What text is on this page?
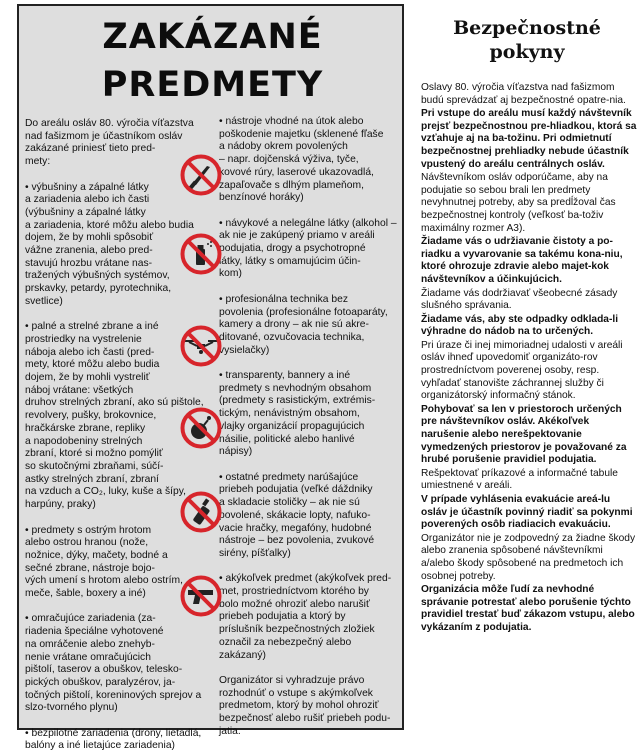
ZAKÁZANÉ
PREDMETY

Do areálu osláv 80. výročia víťazstva
nad fašizmom je účastníkom osláv
zakázané priniesť tieto pred-
mety:

• výbušniny a zápalné látky
a zariadenia alebo ich časti
(výbušniny a zápalné látky
a zariadenia, ktoré môžu alebo budia
dojem, že by mohli spôsobiť
vážne zranenia, alebo pred-
stavujú hrozbu vrátane nas-
tražených výbušných systémov,
prskavky, petardy, pyrotechnika,
svetlice)

• palné a strelné zbrane a iné
prostriedky na vystrelenie
náboja alebo ich časti (pred-
mety, ktoré môžu alebo budia
dojem, že by mohli vystreliť
náboj vrátane: všetkých
druhov strelných zbraní, ako sú pištole,
revolvery, pušky, brokovnice,
hračkárske zbrane, repliky
a napodobeniny strelných
zbraní, ktoré si možno pomýliť
so skutočnými zbraňami, súčí-
astky strelných zbraní, zbraní
na vzduch a CO₂, luky, kuše a šípy,
harpúny, praky)

• predmety s ostrým hrotom
alebo ostrou hranou (nože,
nožnice, dýky, mačety, bodné a
sečné zbrane, nástroje bojo-
vých umení s hrotom alebo ostrím,
meče, šable, boxery a iné)

• omračujúce zariadenia (za-
riadenia špeciálne vyhotovené
na omráčenie alebo znehyb-
nenie vrátane omračujúcich
pištolí, taserov a obuškov, telesko-
pických obuškov, paralyzérov, ja-
točných pištolí, koreninových sprejov a
slzo-tvorného plynu)

• bezpilotné zariadenia (drony, lietadlá,
balóny a iné lietajúce zariadenia)

• nástroje vhodné na útok alebo
poškodenie majetku (sklenené fľaše
a nádoby okrem povolených
– napr. dojčenská výživa, tyče,
kovové rúry, laserové ukazovadlá,
zapaľovače s dlhým plameňom,
benzínové horáky)

• návykové a nelegálne látky (alkohol –
ak nie je zakúpený priamo v areáli
podujatia, drogy a psychotropné
látky, látky s omamujúcim účin-
kom)

• profesionálna technika bez
povolenia (profesionálne fotoaparáty,
kamery a drony – ak nie sú akre-
ditované, ozvučovacia technika,
vysielačky)

• transparenty, bannery a iné
predmety s nevhodným obsahom
(predmety s rasistickým, extrémis-
tickým, nenávistným obsahom,
vlajky organizácií propagujúcich
násilie, politické alebo hanlivé
nápisy)

• ostatné predmety narúšajúce
priebeh podujatia (veľké dáždniky
a skladacie stoličky – ak nie sú
povolené, skákacie lopty, nafuko-
vacie hračky, megafóny, hudobné
nástroje – bez povolenia, zvukové
sirény, píšťalky)

• akýkoľvek predmet (akýkoľvek pred-
met, prostriedníctvom ktorého by
bolo možné ohroziť alebo narušiť
priebeh podujatia a ktorý by
príslušník bezpečnostných zložiek
označil za nebezpečný alebo
zakázaný)

Organizátor si vyhradzuje právo
rozhodnúť o vstupe s akýmkoľvek
predmetom, ktorý by mohol ohroziť
bezpečnosť alebo rušiť priebeh podu-
jatia.

Bezpečnostné
pokyny

Oslavy 80. výročia víťazstva nad fašizmom budú sprevádzať aj bezpečnostné opatre-nia.

Pri vstupe do areálu musí každý návštevník prejsť bezpečnostnou pre-hliadkou, ktorá sa vzťahuje aj na ba-tožinu. Pri odmietnutí bezpečnostnej prehliadky nebude účastník vpustený do areálu centrálnych osláv.

Návštevníkom osláv odporúčame, aby na podujatie so sebou brali len predmety nevyhnutnej potreby, aby sa predĺžoval čas bezpečnostnej kontroly (veľkosť ba-toživ maximálny rozmer A3).

Žiadame vás o udržiavanie čistoty a po-riadku a vyvarovanie sa takému kona-niu, ktoré ohrozuje zdravie alebo majet-kok návštevníkov a účinkujúcich.

Žiadame vás dodržiavať všeobecné zásady slušného správania.

Žiadame vás, aby ste odpadky odklada-li výhradne do nádob na to určených.

Pri úraze či inej mimoriadnej udalosti v areáli osláv ihneď upovedomiť organizáto-rov prostredníctvom poverenej osoby, resp. vyhľadať stanovište záchrannej služby či organizátorský informačný stánok.

Pohybovať sa len v priestoroch určených pre návštevníkov osláv. Akékoľvek narušenie alebo nerešpektovanie vymedzených priestorov je považované za hrubé porušenie pravidiel podujatia.

Rešpektovať príkazové a informačné tabule umiestnené v areáli.

V prípade vyhlásenia evakuácie areá-lu osláv je účastník povinný riadiť sa pokynmi poverených osôb riadiacich evakuáciu.

Organizátor nie je zodpovedný za žiadne škody alebo zranenia spôsobené návštevníkmi a/alebo škody spôsobené na predmetoch ich osobnej potreby.

Organizácia môže ľudí za nevhodné správanie potrestať alebo porušenie týchto pravidiel trestať buď zákazom vstupu, alebo vykázaním z podujatia.
